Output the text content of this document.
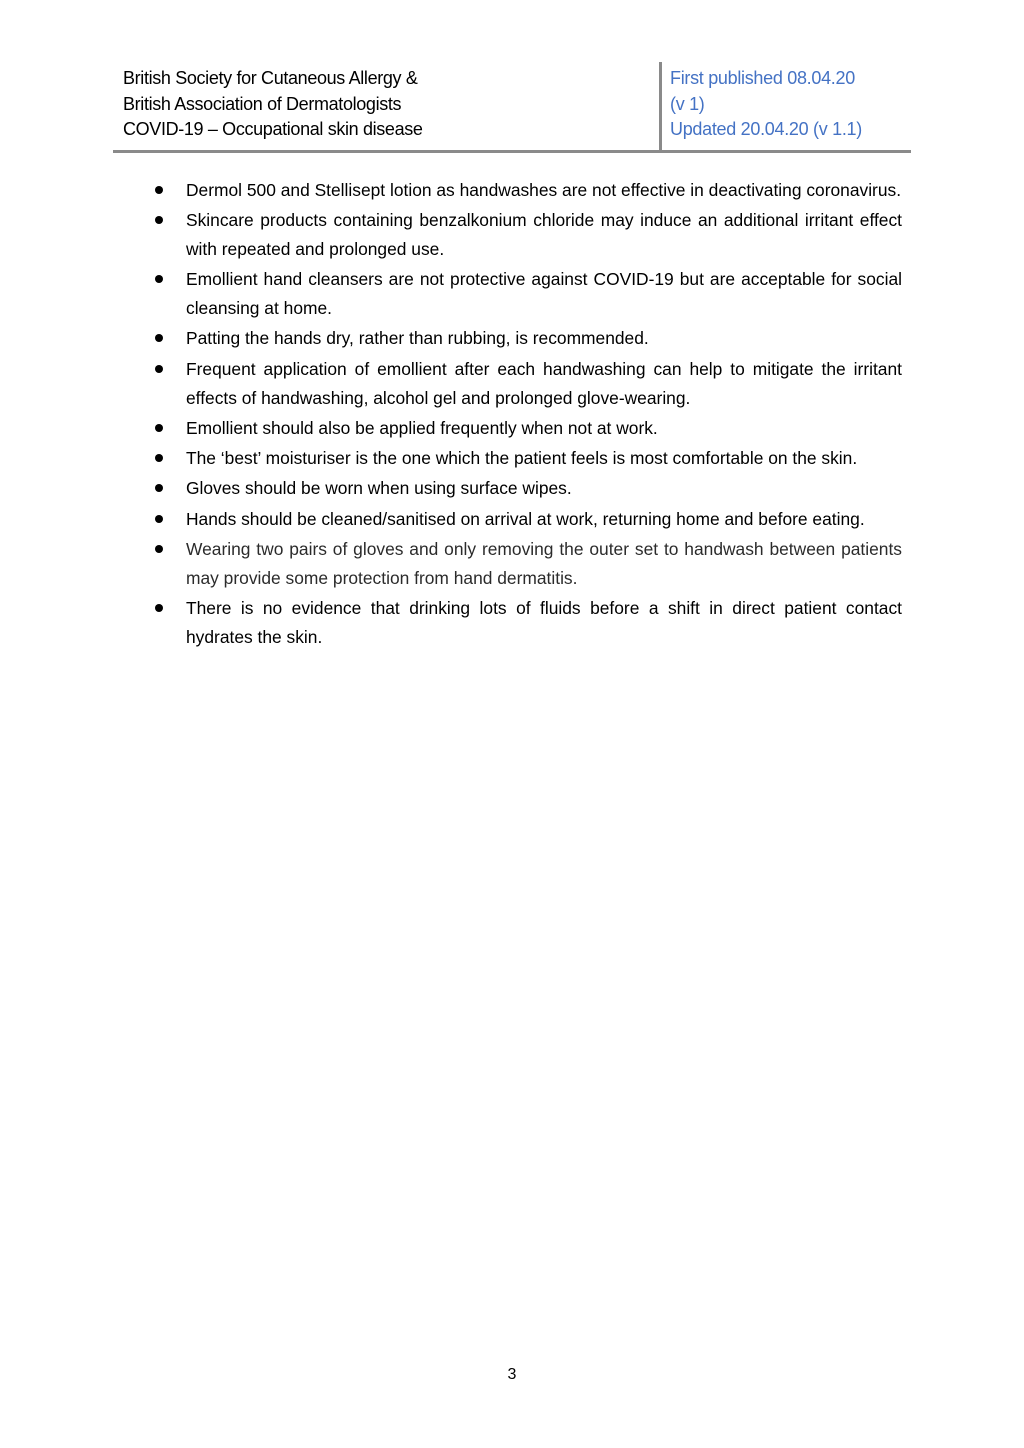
British Society for Cutaneous Allergy &
British Association of Dermatologists
COVID-19 – Occupational skin disease
First published 08.04.20
(v 1)
Updated 20.04.20 (v 1.1)
Dermol 500 and Stellisept lotion as handwashes are not effective in deactivating coronavirus.
Skincare products containing benzalkonium chloride may induce an additional irritant effect with repeated and prolonged use.
Emollient hand cleansers are not protective against COVID-19 but are acceptable for social cleansing at home.
Patting the hands dry, rather than rubbing, is recommended.
Frequent application of emollient after each handwashing can help to mitigate the irritant effects of handwashing, alcohol gel and prolonged glove-wearing.
Emollient should also be applied frequently when not at work.
The ‘best’ moisturiser is the one which the patient feels is most comfortable on the skin.
Gloves should be worn when using surface wipes.
Hands should be cleaned/sanitised on arrival at work, returning home and before eating.
Wearing two pairs of gloves and only removing the outer set to handwash between patients may provide some protection from hand dermatitis.
There is no evidence that drinking lots of fluids before a shift in direct patient contact hydrates the skin.
3
